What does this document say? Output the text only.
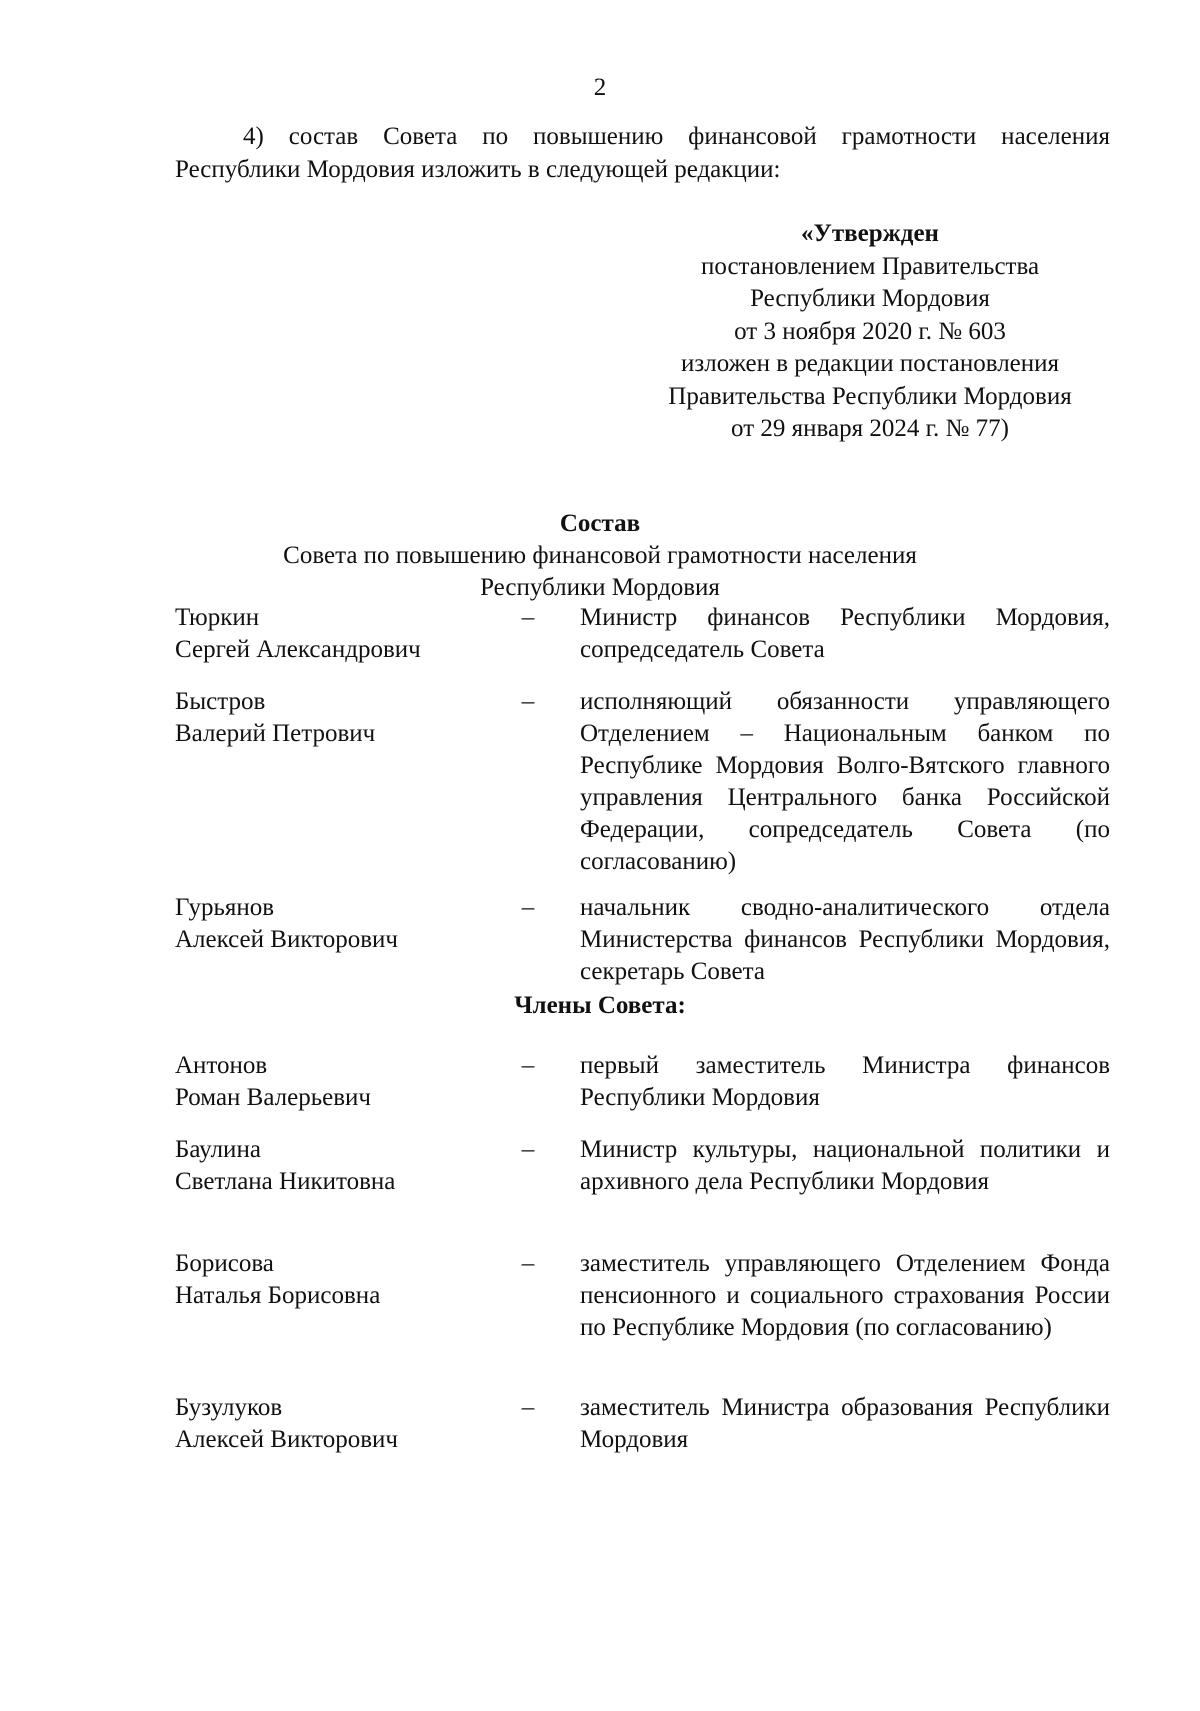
2
4) состав Совета по повышению финансовой грамотности населения
Республики Мордовия изложить в следующей редакции:
«Утвержден
постановлением Правительства
Республики Мордовия
от 3 ноября 2020 г. № 603
изложен в редакции постановления
Правительства Республики Мордовия
от 29 января 2024 г. № 77)
Состав
Совета по повышению финансовой грамотности населения
Республики Мордовия
Тюркин
Сергей Александрович
–	Министр финансов Республики Мордовия, сопредседатель Совета
Быстров
Валерий Петрович
–	исполняющий обязанности управляющего Отделением – Национальным банком по Республике Мордовия Волго-Вятского главного управления Центрального банка Российской Федерации, сопредседатель Совета (по согласованию)
Гурьянов
Алексей Викторович
–	начальник сводно-аналитического отдела Министерства финансов Республики Мордовия, секретарь Совета
Члены Совета:
Антонов
Роман Валерьевич
–	первый заместитель Министра финансов Республики Мордовия
Баулина
Светлана Никитовна
–	Министр культуры, национальной политики и архивного дела Республики Мордовия
Борисова
Наталья Борисовна
–	заместитель управляющего Отделением Фонда пенсионного и социального страхования России по Республике Мордовия (по согласованию)
Бузулуков
Алексей Викторович
–	заместитель Министра образования Республики Мордовия
